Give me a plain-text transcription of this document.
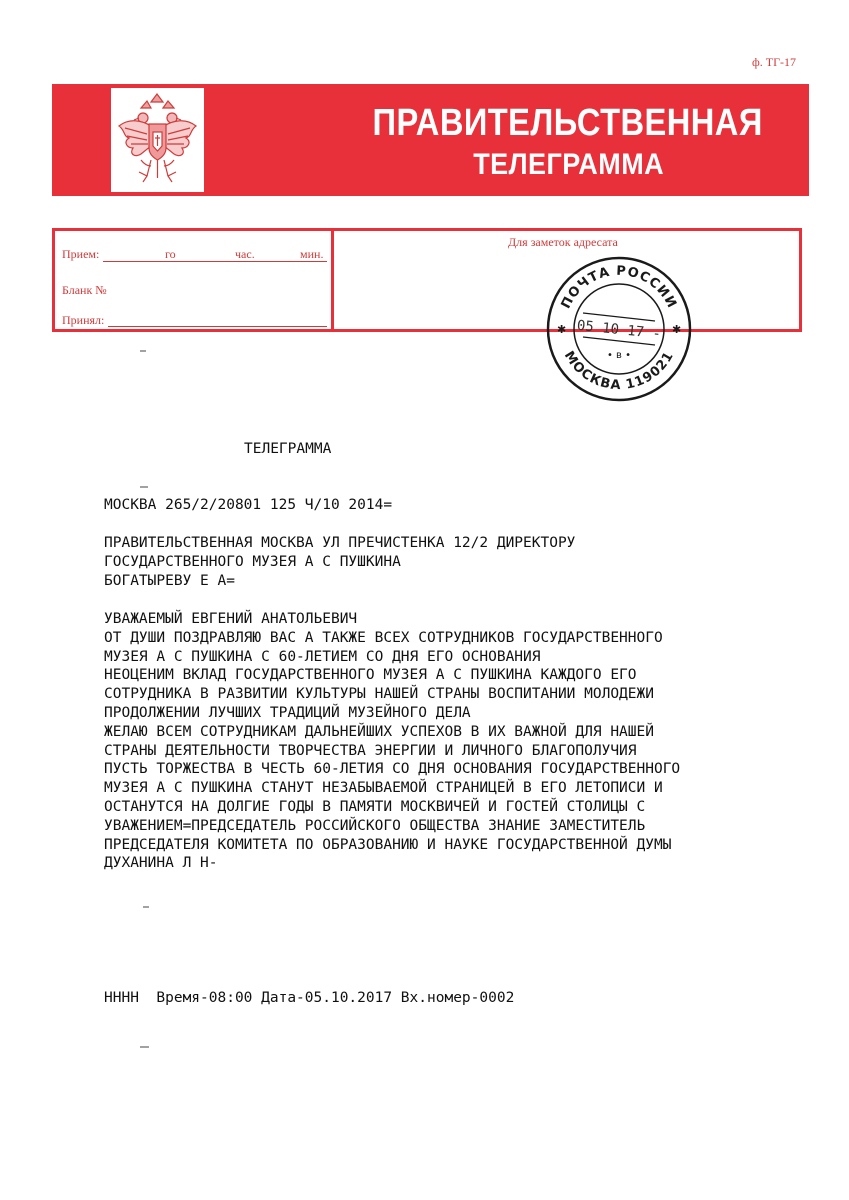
ф. ТГ-17
ПРАВИТЕЛЬСТВЕННАЯ
ТЕЛЕГРАММА
Прием:	го	час.	мин.
Бланк №
Принял:
Для заметок адресата
ПОЧТА РОССИИ
МОСКВА 119021
05 10 17 -
• в •
✱	✱
ТЕЛЕГРАММА
МОСКВА 265/2/20801 125 Ч/10 2014=
ПРАВИТЕЛЬСТВЕННАЯ МОСКВА УЛ ПРЕЧИСТЕНКА 12/2 ДИРЕКТОРУ
ГОСУДАРСТВЕННОГО МУЗЕЯ А С ПУШКИНА
БОГАТЫРЕВУ Е А=
УВАЖАЕМЫЙ ЕВГЕНИЙ АНАТОЛЬЕВИЧ
ОТ ДУШИ ПОЗДРАВЛЯЮ ВАС А ТАКЖЕ ВСЕХ СОТРУДНИКОВ ГОСУДАРСТВЕННОГО
МУЗЕЯ А С ПУШКИНА С 60-ЛЕТИЕМ СО ДНЯ ЕГО ОСНОВАНИЯ
НЕОЦЕНИМ ВКЛАД ГОСУДАРСТВЕННОГО МУЗЕЯ А С ПУШКИНА КАЖДОГО ЕГО
СОТРУДНИКА В РАЗВИТИИ КУЛЬТУРЫ НАШЕЙ СТРАНЫ ВОСПИТАНИИ МОЛОДЕЖИ
ПРОДОЛЖЕНИИ ЛУЧШИХ ТРАДИЦИЙ МУЗЕЙНОГО ДЕЛА
ЖЕЛАЮ ВСЕМ СОТРУДНИКАМ ДАЛЬНЕЙШИХ УСПЕХОВ В ИХ ВАЖНОЙ ДЛЯ НАШЕЙ
СТРАНЫ ДЕЯТЕЛЬНОСТИ ТВОРЧЕСТВА ЭНЕРГИИ И ЛИЧНОГО БЛАГОПОЛУЧИЯ
ПУСТЬ ТОРЖЕСТВА В ЧЕСТЬ 60-ЛЕТИЯ СО ДНЯ ОСНОВАНИЯ ГОСУДАРСТВЕННОГО
МУЗЕЯ А С ПУШКИНА СТАНУТ НЕЗАБЫВАЕМОЙ СТРАНИЦЕЙ В ЕГО ЛЕТОПИСИ И
ОСТАНУТСЯ НА ДОЛГИЕ ГОДЫ В ПАМЯТИ МОСКВИЧЕЙ И ГОСТЕЙ СТОЛИЦЫ С
УВАЖЕНИЕМ=ПРЕДСЕДАТЕЛЬ РОССИЙСКОГО ОБЩЕСТВА ЗНАНИЕ ЗАМЕСТИТЕЛЬ
ПРЕДСЕДАТЕЛЯ КОМИТЕТА ПО ОБРАЗОВАНИЮ И НАУКЕ ГОСУДАРСТВЕННОЙ ДУМЫ
ДУХАНИНА Л Н-
НННН  Время-08:00 Дата-05.10.2017 Вх.номер-0002
